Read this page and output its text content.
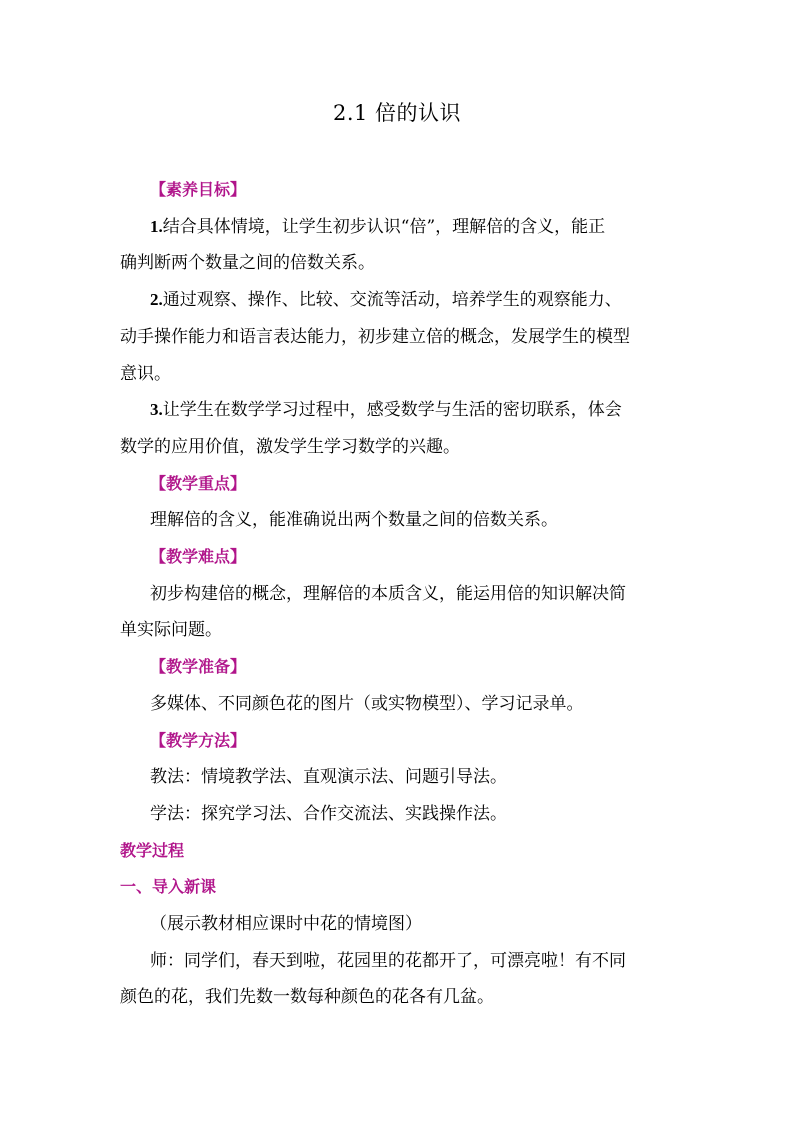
2.1 倍的认识
【素养目标】
1.结合具体情境，让学生初步认识“倍”，理解倍的含义，能正
确判断两个数量之间的倍数关系。
2.通过观察、操作、比较、交流等活动，培养学生的观察能力、
动手操作能力和语言表达能力，初步建立倍的概念，发展学生的模型
意识。
3.让学生在数学学习过程中，感受数学与生活的密切联系，体会
数学的应用价值，激发学生学习数学的兴趣。
【教学重点】
理解倍的含义，能准确说出两个数量之间的倍数关系。
【教学难点】
初步构建倍的概念，理解倍的本质含义，能运用倍的知识解决简
单实际问题。
【教学准备】
多媒体、不同颜色花的图片（或实物模型）、学习记录单。
【教学方法】
教法：情境教学法、直观演示法、问题引导法。
学法：探究学习法、合作交流法、实践操作法。
教学过程
一、导入新课
（展示教材相应课时中花的情境图）
师：同学们，春天到啦，花园里的花都开了，可漂亮啦！有不同
颜色的花，我们先数一数每种颜色的花各有几盆。
